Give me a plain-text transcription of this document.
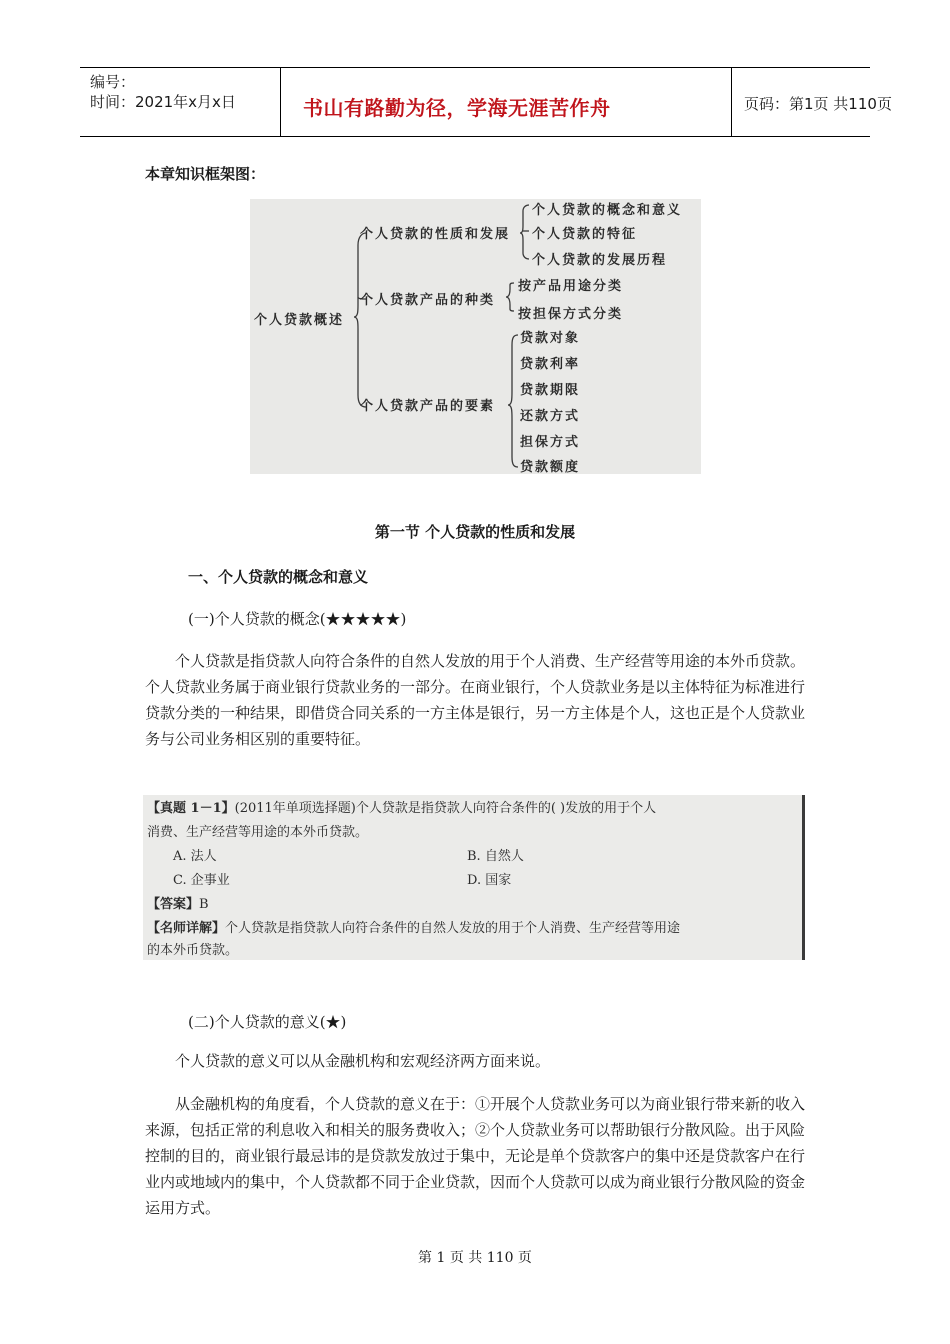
编号：
时间：2021年x月x日	书山有路勤为径，学海无涯苦作舟	页码：第1页 共110页

本章知识框架图：

个人贷款概述
个人贷款的性质和发展
个人贷款产品的种类
个人贷款产品的要素
个人贷款的概念和意义
个人贷款的特征
个人贷款的发展历程
按产品用途分类
按担保方式分类
贷款对象
贷款利率
贷款期限
还款方式
担保方式
贷款额度

第一节 个人贷款的性质和发展

一、个人贷款的概念和意义

(一)个人贷款的概念(★★★★★)

个人贷款是指贷款人向符合条件的自然人发放的用于个人消费、生产经营等用途的本外币贷款。个人贷款业务属于商业银行贷款业务的一部分。在商业银行，个人贷款业务是以主体特征为标准进行贷款分类的一种结果，即借贷合同关系的一方主体是银行，另一方主体是个人，这也正是个人贷款业务与公司业务相区别的重要特征。

【真题 1－1】(2011年单项选择题)个人贷款是指贷款人向符合条件的( )发放的用于个人
消费、生产经营等用途的本外币贷款。
A. 法人	B. 自然人
C. 企事业	D. 国家
【答案】B
【名师详解】个人贷款是指贷款人向符合条件的自然人发放的用于个人消费、生产经营等用途
的本外币贷款。

(二)个人贷款的意义(★)

个人贷款的意义可以从金融机构和宏观经济两方面来说。

从金融机构的角度看，个人贷款的意义在于：①开展个人贷款业务可以为商业银行带来新的收入来源，包括正常的利息收入和相关的服务费收入；②个人贷款业务可以帮助银行分散风险。出于风险控制的目的，商业银行最忌讳的是贷款发放过于集中，无论是单个贷款客户的集中还是贷款客户在行业内或地域内的集中，个人贷款都不同于企业贷款，因而个人贷款可以成为商业银行分散风险的资金运用方式。

第 1 页 共 110 页
